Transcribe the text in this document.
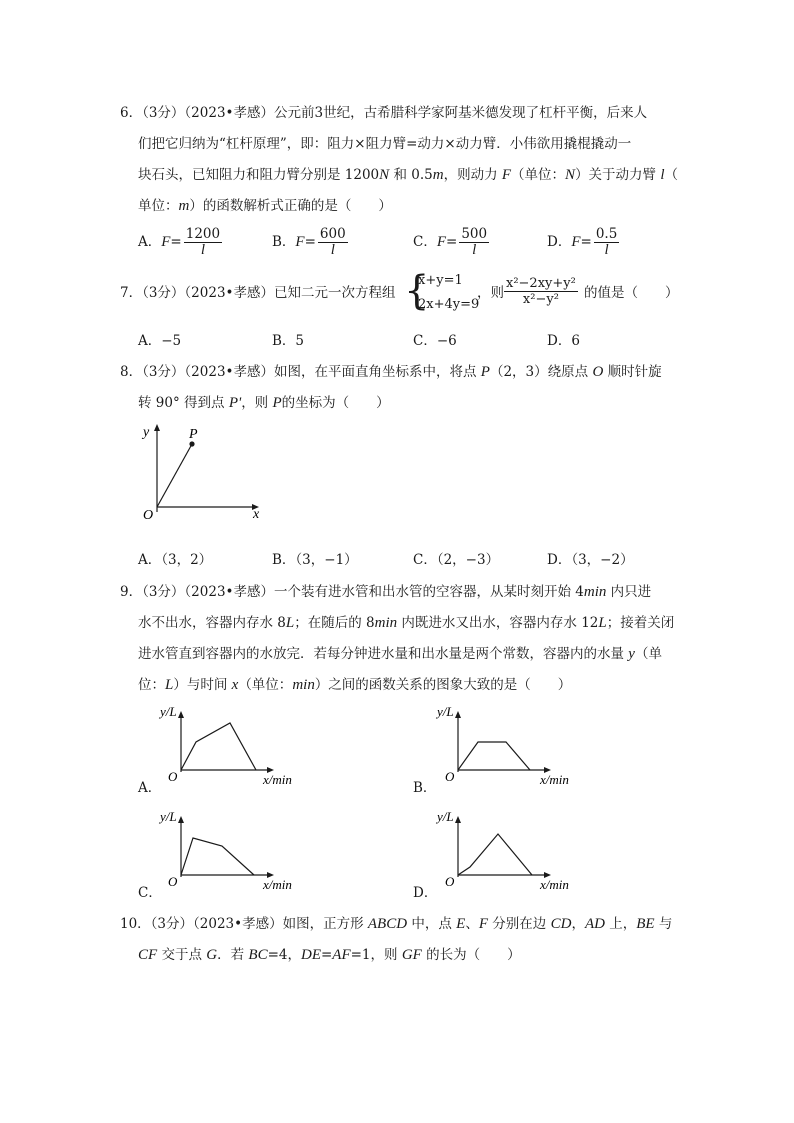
6．（3分）（2023•孝感）公元前3世纪，古希腊科学家阿基米德发现了杠杆平衡，后来人
们把它归纳为“杠杆原理”，即：阻力×阻力臂=动力×动力臂．小伟欲用撬棍撬动一
块石头，已知阻力和阻力臂分别是 1200N 和 0.5m，则动力 F（单位：N）关于动力臂 l（
单位：m）的函数解析式正确的是（　　）
A．$F= \frac{1200}{l}$	B．$F= \frac{600}{l}$	C．$F= \frac{500}{l}$	D．$F= \frac{0.5}{l}$
7．（3分）（2023•孝感）已知二元一次方程组 {
x+y=1
2x+4y=9
，则 $\frac{\text{x²−2xy+y²}}{\text{x²−y²}}$ 的值是（　　）
A．−5	B．5	C．−6	D．6
8．（3分）（2023•孝感）如图，在平面直角坐标系中，将点 P（2，3）绕原点 O 顺时针旋
转 90° 得到点 P'，则 P的坐标为（　　）
y
x
O
P
A．（3，2）	B．（3，−1）	C．（2，−3）	D．（3，−2）
9．（3分）（2023•孝感）一个装有进水管和出水管的空容器，从某时刻开始 4min 内只进
水不出水，容器内存水 8L；在随后的 8min 内既进水又出水，容器内存水 12L；接着关闭
进水管直到容器内的水放完．若每分钟进水量和出水量是两个常数，容器内的水量 y（单
位：L）与时间 x（单位：min）之间的函数关系的图象大致的是（　　）
y/L
O	x/min
A．
y/L
O	x/min
B．
y/L
O	x/min
C．
y/L
O	x/min
D．
10．（3分）（2023•孝感）如图，正方形 ABCD 中，点 E、F 分别在边 CD，AD 上，BE 与
CF 交于点 G．若 BC=4，DE=AF=1，则 GF 的长为（　　）
